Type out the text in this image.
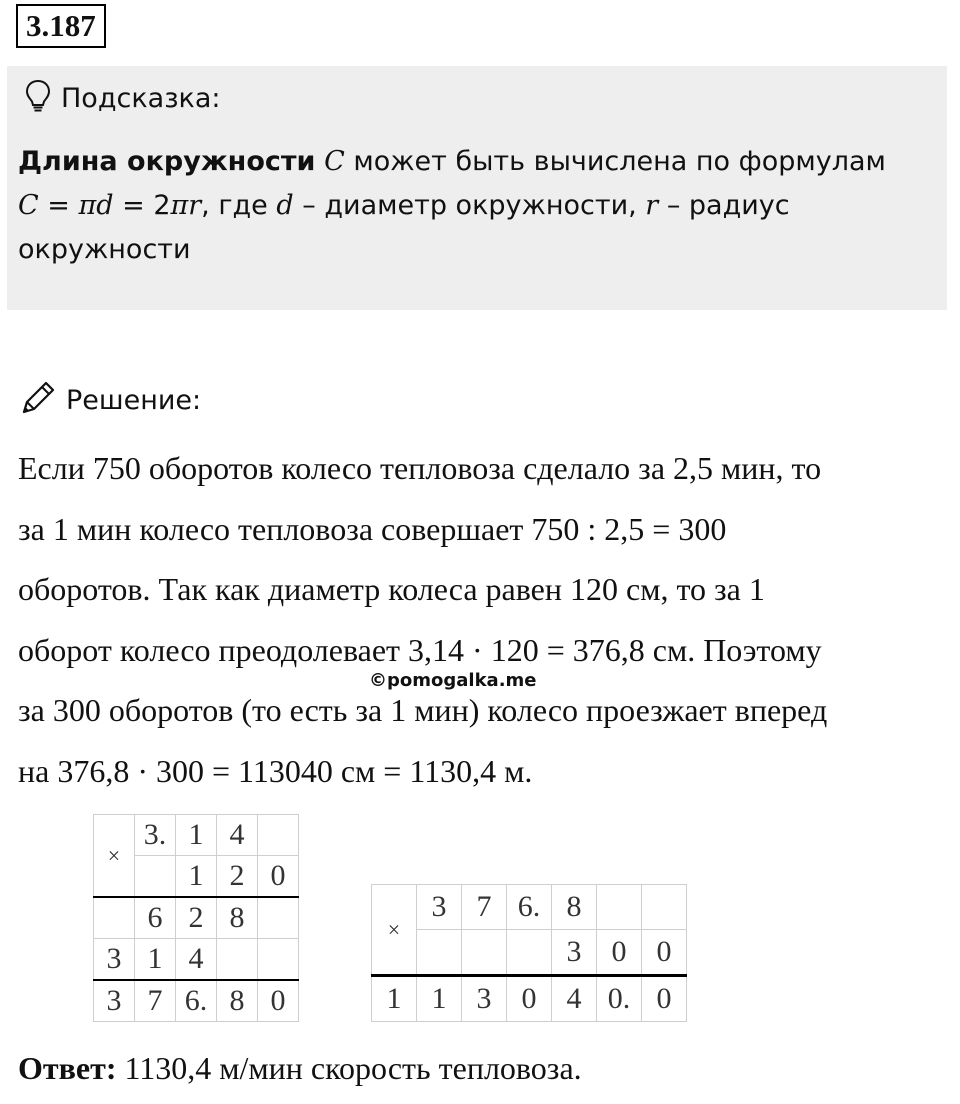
3.187
Подсказка:
Длина окружности C может быть вычислена по формулам
C = πd = 2πr, где d – диаметр окружности, r – радиус окружности
Решение:
Если 750 оборотов колесо тепловоза сделало за 2,5 мин, то
за 1 мин колесо тепловоза совершает 750 : 2,5 = 300
оборотов. Так как диаметр колеса равен 120 см, то за 1
оборот колесо преодолевает 3,14 · 120 = 376,8 см. Поэтому
за 300 оборотов (то есть за 1 мин) колесо проезжает вперед
на 376,8 · 300 = 113040 см = 1130,4 м.
©pomogalka.me
×	3.	1	4	
		1	2	0
	6	2	8	
3	1	4		
3	7	6.	8	0
×	3	7	6.	8		
				3	0	0
1	1	3	0	4	0.	0
Ответ: 1130,4 м/мин скорость тепловоза.
